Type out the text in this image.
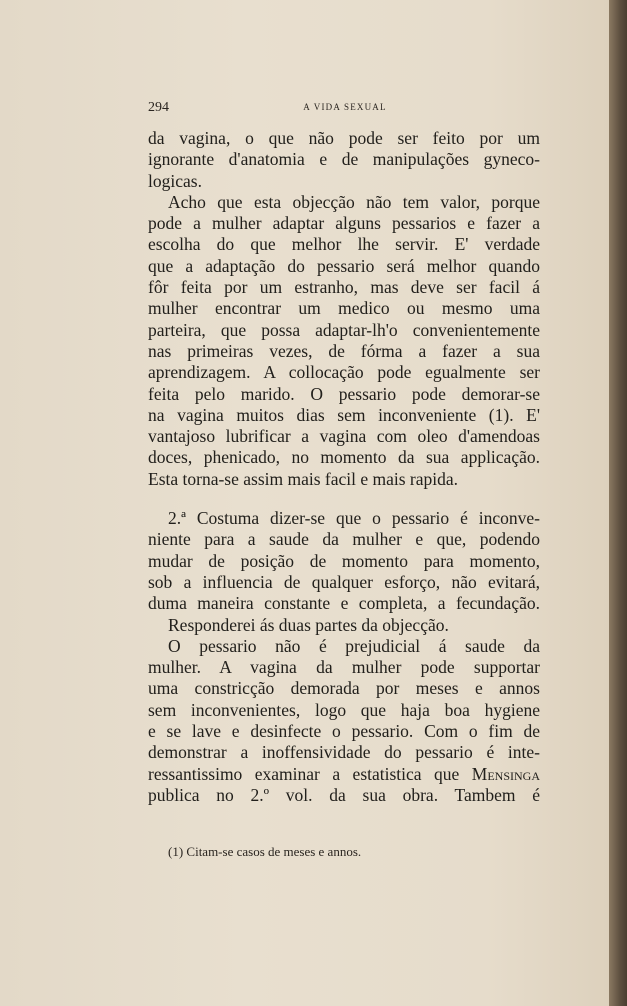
294	A VIDA SEXUAL
da vagina, o que não pode ser feito por um
ignorante d'anatomia e de manipulações gyneco-
logicas.
Acho que esta objecção não tem valor, porque
pode a mulher adaptar alguns pessarios e fazer a
escolha do que melhor lhe servir. E' verdade
que a adaptação do pessario será melhor quando
fôr feita por um estranho, mas deve ser facil á
mulher encontrar um medico ou mesmo uma
parteira, que possa adaptar-lh'o convenientemente
nas primeiras vezes, de fórma a fazer a sua
aprendizagem. A collocação pode egualmente ser
feita pelo marido. O pessario pode demorar-se
na vagina muitos dias sem inconveniente (1). E'
vantajoso lubrificar a vagina com oleo d'amendoas
doces, phenicado, no momento da sua applicação.
Esta torna-se assim mais facil e mais rapida.
2.ª Costuma dizer-se que o pessario é inconve-
niente para a saude da mulher e que, podendo
mudar de posição de momento para momento,
sob a influencia de qualquer esforço, não evitará,
duma maneira constante e completa, a fecundação.
Responderei ás duas partes da objecção.
O pessario não é prejudicial á saude da
mulher. A vagina da mulher pode supportar
uma constricção demorada por meses e annos
sem inconvenientes, logo que haja boa hygiene
e se lave e desinfecte o pessario. Com o fim de
demonstrar a inoffensividade do pessario é inte-
ressantissimo examinar a estatistica que Mensinga
publica no 2.º vol. da sua obra. Tambem é
(1) Citam-se casos de meses e annos.
